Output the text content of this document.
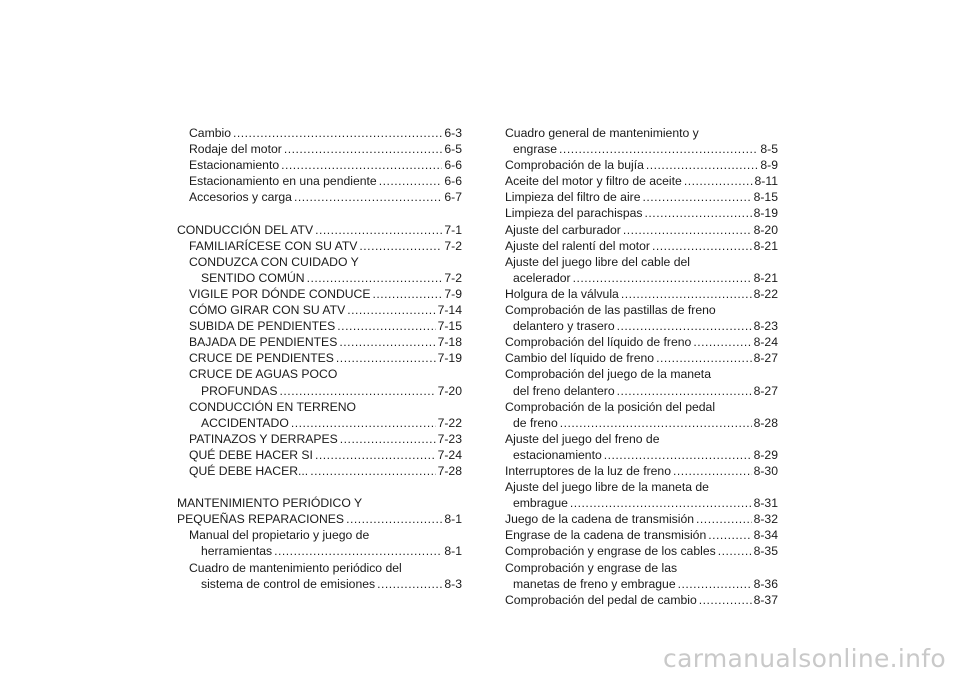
Cambio .....	6-3
Rodaje del motor .....	6-5
Estacionamiento .....	6-6
Estacionamiento en una pendiente .....	6-6
Accesorios y carga .....	6-7
CONDUCCIÓN DEL ATV .....	7-1
FAMILIARÍCESE CON SU ATV .....	7-2
CONDUZCA CON CUIDADO Y
SENTIDO COMÚN .....	7-2
VIGILE POR DÓNDE CONDUCE .....	7-9
CÓMO GIRAR CON SU ATV .....	7-14
SUBIDA DE PENDIENTES .....	7-15
BAJADA DE PENDIENTES .....	7-18
CRUCE DE PENDIENTES .....	7-19
CRUCE DE AGUAS POCO
PROFUNDAS .....	7-20
CONDUCCIÓN EN TERRENO
ACCIDENTADO .....	7-22
PATINAZOS Y DERRAPES .....	7-23
QUÉ DEBE HACER SI .....	7-24
QUÉ DEBE HACER... .....	7-28
MANTENIMIENTO PERIÓDICO Y
PEQUEÑAS REPARACIONES .....	8-1
Manual del propietario y juego de
herramientas .....	8-1
Cuadro de mantenimiento periódico del
sistema de control de emisiones .....	8-3
Cuadro general de mantenimiento y
engrase .....	8-5
Comprobación de la bujía .....	8-9
Aceite del motor y filtro de aceite .....	8-11
Limpieza del filtro de aire .....	8-15
Limpieza del parachispas .....	8-19
Ajuste del carburador .....	8-20
Ajuste del ralentí del motor .....	8-21
Ajuste del juego libre del cable del
acelerador .....	8-21
Holgura de la válvula .....	8-22
Comprobación de las pastillas de freno
delantero y trasero .....	8-23
Comprobación del líquido de freno .....	8-24
Cambio del líquido de freno .....	8-27
Comprobación del juego de la maneta
del freno delantero .....	8-27
Comprobación de la posición del pedal
de freno .....	8-28
Ajuste del juego del freno de
estacionamiento .....	8-29
Interruptores de la luz de freno .....	8-30
Ajuste del juego libre de la maneta de
embrague .....	8-31
Juego de la cadena de transmisión .....	8-32
Engrase de la cadena de transmisión .....	8-34
Comprobación y engrase de los cables .....	8-35
Comprobación y engrase de las
manetas de freno y embrague .....	8-36
Comprobación del pedal de cambio .....	8-37
carmanualsonline.info
